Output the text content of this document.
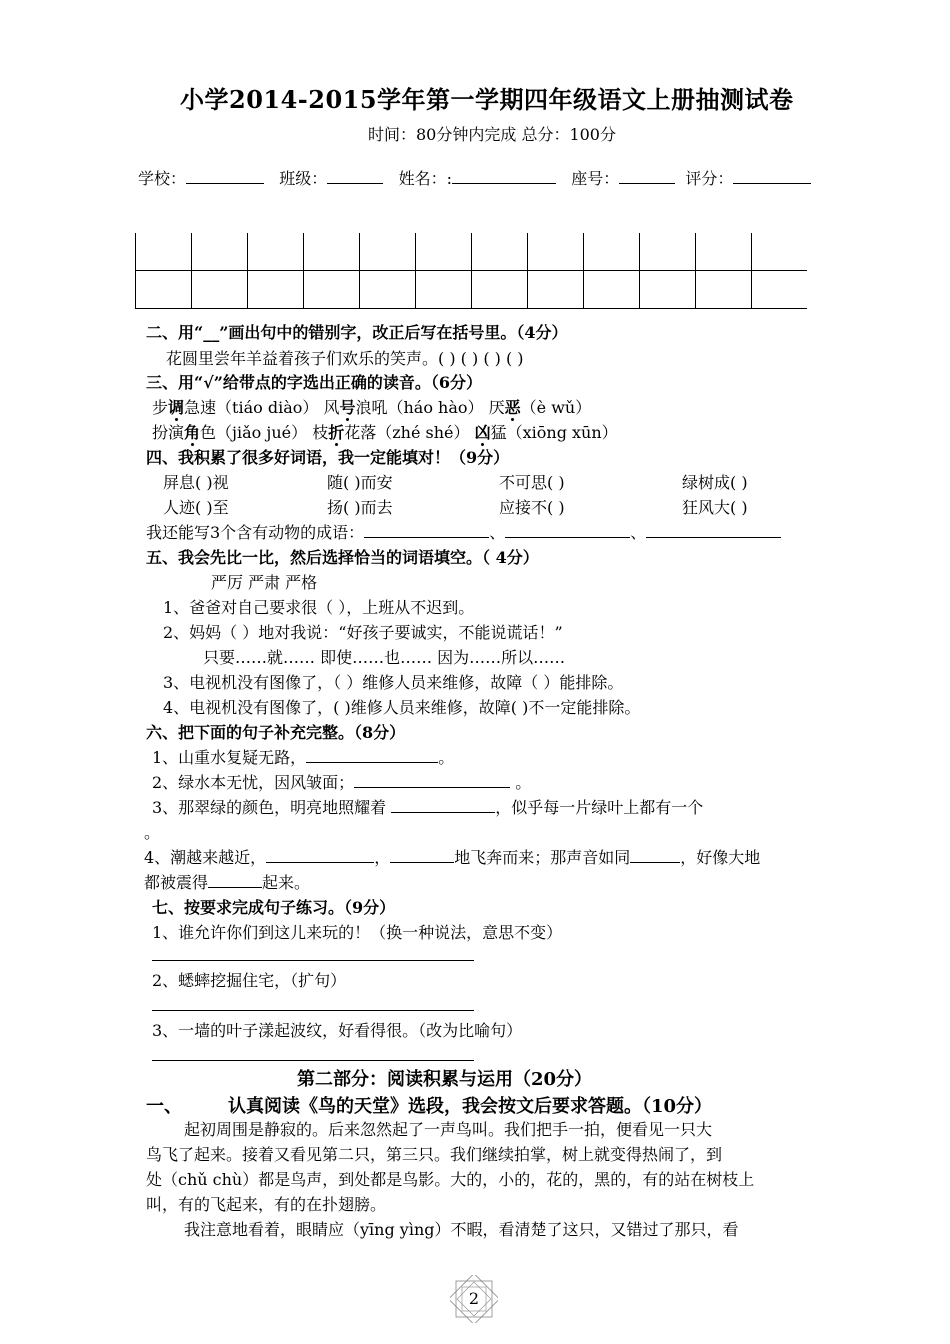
小学2014-2015学年第一学期四年级语文上册抽测试卷
时间：80分钟内完成 总分：100分
学校：	班级：	姓名：:	座号：	评分：

二、用“__”画出句中的错别字，改正后写在括号里。（4分）
花圆里尝年羊益着孩子们欢乐的笑声。( ) ( ) ( ) ( )
三、用“√”给带点的字选出正确的读音。（6分）
步调急速（tiáo diào） 风号浪吼（háo hào） 厌恶（è wǔ）
扮演角色（jiǎo jué） 枝折花落（zhé shé） 凶猛（xiōng xūn）
四、我积累了很多好词语，我一定能填对！（9分）
屏息( )视	随( )而安	不可思( )	绿树成( )
人迹( )至	扬( )而去	应接不( )	狂风大( )
我还能写3个含有动物的成语：	、	、
五、我会先比一比，然后选择恰当的词语填空。（ 4分）
严厉 严肃 严格
1、爸爸对自己要求很（ ），上班从不迟到。
2、妈妈（ ）地对我说：“好孩子要诚实，不能说谎话！”
只要……就…… 即使……也…… 因为……所以……
3、电视机没有图像了，（ ）维修人员来维修，故障（ ）能排除。
4、电视机没有图像了，( )维修人员来维修，故障( )不一定能排除。
六、把下面的句子补充完整。（8分）
1、山重水复疑无路，	。
2、绿水本无忧，因风皱面；	。
3、那翠绿的颜色，明亮地照耀着	，似乎每一片绿叶上都有一个
。
4、潮越来越近，	，	地飞奔而来；那声音如同	，好像大地
都被震得	起来。
七、按要求完成句子练习。（9分）
1、谁允许你们到这儿来玩的！（换一种说法，意思不变）
2、蟋蟀挖掘住宅，（扩句）
3、一墙的叶子漾起波纹，好看得很。（改为比喻句）
第二部分：阅读积累与运用（20分）
一、	认真阅读《鸟的天堂》选段，我会按文后要求答题。（10分）
起初周围是静寂的。后来忽然起了一声鸟叫。我们把手一拍，便看见一只大
鸟飞了起来。接着又看见第二只，第三只。我们继续拍掌，树上就变得热闹了，到
处（chǔ chù）都是鸟声，到处都是鸟影。大的，小的，花的，黑的，有的站在树枝上
叫，有的飞起来，有的在扑翅膀。
我注意地看着，眼睛应（yīng yìng）不暇，看清楚了这只，又错过了那只，看
2
